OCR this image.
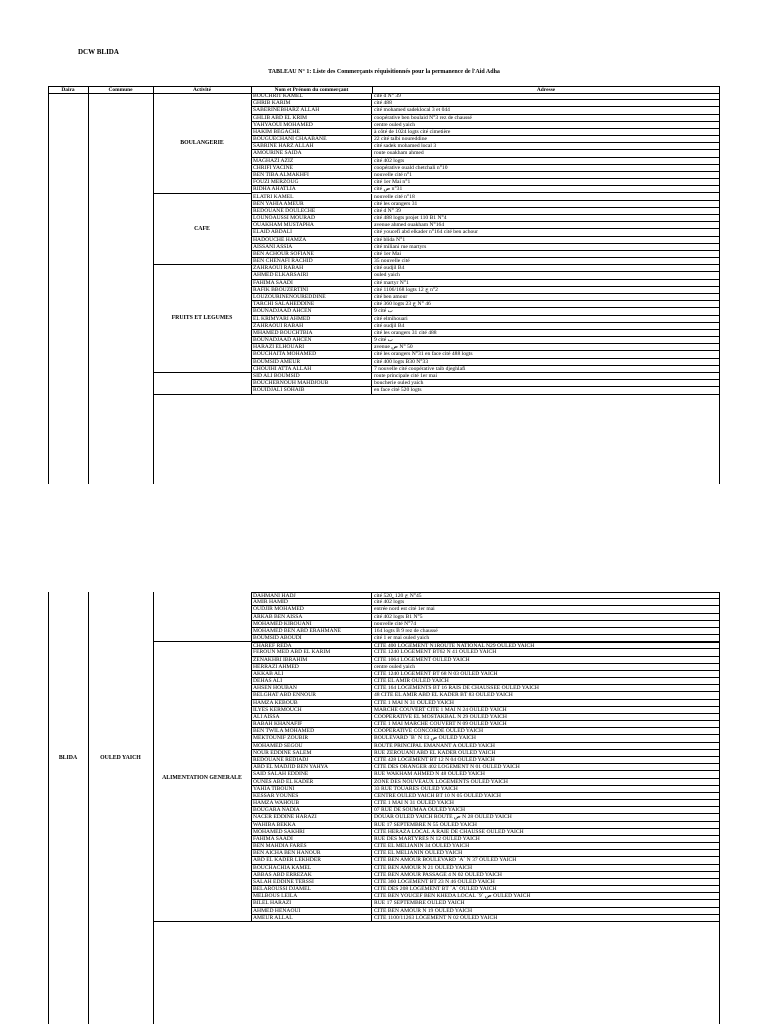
DCW BLIDA
TABLEAU N° 1: Liste des Commerçants réquisitionnés pour la permanence de l'Aid Adha
Daira	Commune	Activité	Nom et Prénom du commerçant	Adresse
BOULANGERIE
BOUCHRIT KAMEL	cité d N° 39
GHRIB KARIM	cité 488
SABERINEBHARZ ALLAH	cité mohamed sadeklocal 3 et 044
GHLIB ABD EL KRIM	coopérative ben boulaid N°3 rez de chaussé
YAHYAOUI MOHAMED	centre ouled yaich
HAKIM BEGACHE	à côté de 1024 logts cité cimetière
BOUGUECHANI CHAABANE	22 cité talbi noureddine
SABRINE HARZ ALLAH	cité sadek mohamed local 3
AMOURINE SAIDA	route ouakham ahmed
MAGHAZI AZIZ	cité 402 logts
CHRIFI YACINE	coopérative ouald chetchali n°10
BEN TIBA ALMAKHFI	nouvelle cité n°1
FOUZI MERZOUG	cité 1er Mai n°1
RIDHA AHATLIA	cité ص n°31
CAFE
ELATRI KAMEL	nouvelle cité n°18
BEN YAHIA AMEUR	cité les orangers 31
REDOUANE DOULECHE	cité d N° 39
LOUNOAUSSI MOURAD	cité 488 logts projet 110 B1 N°4
OUAKHAM MUSTAPHA	avenue ahmed ouakham N°164
ELAID ABDALI	cité youcefi abd elkader n°164 cité ben achour
HADOUCHE HAMZA	cité blida N°1
AISSANI ASSIA	cité miliani rue martyrs
BEN ACHOUR SOFIANE	cité 1er Mai
BEN CHENAFI RACHID	35 nouvelle cité
FRUITS ET LEGUMES
ZAHRAOUI RABAH	cité oudjil B4
AHMED ELKARSAIRI	ouled yaich
FAHIMA SAADI	cité martyr N°1
RAFIK BBOUZERTINI	cité 1106/168 logts 12 ج n°2
LOUZOURINENOUREDDINE	cité ben amour
TARCHI SALAHEDDINE	cité 360 logts 23 ج N° 46
BOUNADJAAD AHCEN	9 cité ب
EL KRIMYARI AHMED	cité elmihouari
ZAHRAOUI RABAH	cité oudjil B4
MHAMED BOUCHTBIA	cité les orangers 31 cité 488
BOUNADJAAD AHCEN	9 cité ب
HARAZI ELHOUARI	avenue ص N° 50
BOUCHAITA MOHAMED	cité les orangers N°31 en face cité 488 logts
BOUMSID AMEUR	cité 400 logts B30 N°33
CHOUIHI ATTA ALLAH	7 nouvelle cité coopérative taib djeghlafi
SID ALI BOUMSID	route principale cité 1er mai
BOUCHERNOUH MAHDJOUB	boucherie ouled yaich
ROUIDJALI SOHAIB	en face cité 520 logts
BLIDA	OULED YAICH
DAHMANI HADJ	cité 520 ٍ 120 ج N°45
AMIR HAMID	cité 402 logts
OUDJIR MOHAMED	entrée nord est cité 1er mai
ARKAB BEN AISSA	cité 402 logts B1 N°5
MOHAMED KIROUANI	nouvelle cité N°74
MOHAMED BEN ABD ERAHMANE	164 logts B 9 rez de chaussé
BOUMSID ABOUDI	cité 1 er mai ouled yaich
ALIMENTATION GENERALE
CHAREF REDA	CITE 400 LOGEMENT N1ROUTE NATIONAL N29 OULED YAICH
FEROUN MED ABD EL KARIM	CITE 1240 LOGEMENT BT62 N 41 OULED YAICH
ZENAKHRI IBRAHIM	CITE 1064 LOGEMENT OULED YAICH
HERRAZI AHMED	centre ouled yaich
AKKAB ALI	CITE 1240 LOGEMENT BT 68 N 03 OULED YAICH
DEHAS ALI	CITE EL AMIR OULED YAICH
AHSEN HOUBAN	CITE 164 LOGEMENTS BT 16 RAIS DE CHAUSSEE OULED YAICH
BELGHAT ABD ENNOUR	48 CITE EL AMIR ABD EL KADER BT 83 OULED YAICH
HAMZA KEBOUB	CITE 1 MAI N 31 OULED YAICH
ILYES KERMOUCH	MARCHE COUVERT CITE 1 MAI N 24 OULED YAICH
ALI AISSA	COOPERATIVE EL MOSTAKBAL N 29 OULED YAICH
RABAH KHANAFIF	CITE 1 MAI MARCHE COUVERT N 09 OULED YAICH
BEN TWILA MOHAMED	COOPERATIVE CONCORDE OULED YAICH
MEKTOUNIF ZOUBIR	BOULEVARD `B` N 13 ص OULED YAICH
MOHAMED SEGOU	ROUTE PRINCIPAL EMANANT A OULED YAICH
NOUR EDDINE SALEM	RUE ZEROUANI ABD EL KADER OULED YAICH
REDOUANE REDIADJ	CITE 428 LOGEMENT BT 12 N 04 OULED YAICH
ABD EL MADJID BEN YAHYA	CITE DES ORANGER 402 LOGEMENT N 01 OULED YAICH
SAID SALAH EDDINE	RUE WAKHAM AHMED N 48 OULED YAICH
OUNES ABD EL KADER	ZONE DES NOUVEAUX LOGEMENTS OULED YAICH
YAHIA TIBOUNI	33 RUE TOUARES OULED YAICH
KESSAR YOUNES	CENTRE OULED YAICH BT 10 N 05 OULED YAICH
HAMZA WAHOUB	CITE 1 MAI N 31 OULED YAICH
BOUGARA NADIA	07 RUE DE SOUMAA OULED YAICH
NACER EDDINE HARAZI	DOUAR OULED YAICH ROUTE ص N 28 OULED YAICH
WAHIBA BEKKA	RUE 17 SEPTEMBRE N 55 OULED YAICH
MOHAMED SAKHRI	CITE HERAZA LOCAL A RAIE DE CHAUSSE OULED YAICH
FAHIMA SAADI	RUE DES MARTYRES N 12 OULED YAICH
BEN MAHDIA FARES	CITE EL MELIANIN 34 OULED YAICH
BEN AICHA BEN HANOUR	CITE EL MELIANIN OULED YAICH
ABD EL KADER LEKHDER	CITE BEN AMOUR BOULEVARD `A` N 37 OULED YAICH
BOUCHACHIA KAMEL	CITE BEN AMOUR N 21 OULED YAICH
ABBAS ABD ERREZAK	CITE BEN AMOUR PASSAGE 4 N 02 OULED YAICH
SALAH EDDINE TERSSI	CITE 360 LOGEMENT BT 23 N 46 OULED YAICH
BELAROUSSI DJAMEL	CITE DES 208 LOGEMENT BT `A` OULED YAICH
MELBOUS LEILA	CITE BEN YOUCEF BEN KHEDA LOCAL `9` ص OULED YAICH
BILEL HARAZI	RUE 17 SEPTEMBRE OULED YAICH
AHMED HENAOUI	CITE BEN AMOUR N 19 OULED YAICH
AMEUR ALLAL	CITE 1100/11263 LOGEMENT N 02 OULED YAICH
